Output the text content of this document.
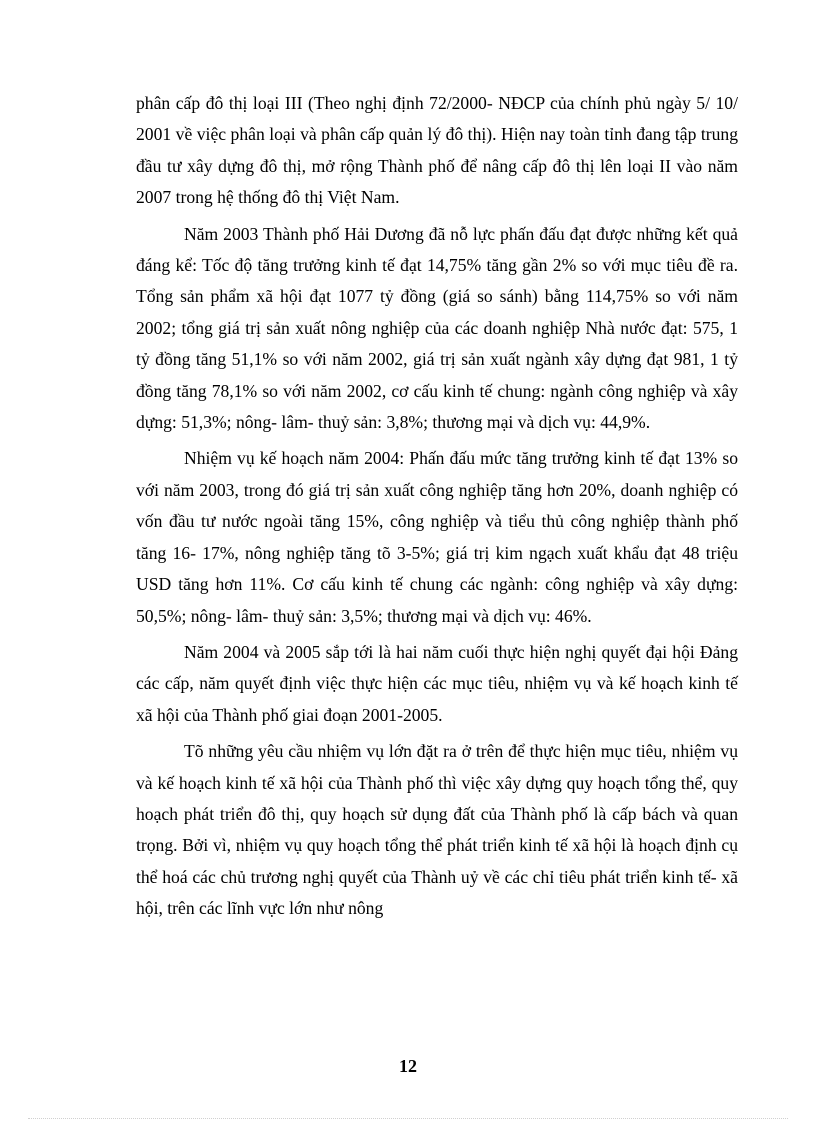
phân cấp đô thị loại III (Theo nghị định 72/2000- NĐCP của chính phủ ngày 5/ 10/ 2001 về việc phân loại và phân cấp quản lý đô thị). Hiện nay toàn tỉnh đang tập trung đầu tư xây dựng đô thị, mở rộng Thành phố để nâng cấp đô thị lên loại II vào năm 2007 trong hệ thống đô thị Việt Nam.

Năm 2003 Thành phố Hải Dương đã nỗ lực phấn đấu đạt được những kết quả đáng kể: Tốc độ tăng trưởng kinh tế đạt 14,75% tăng gần 2% so với mục tiêu đề ra. Tổng sản phẩm xã hội đạt 1077 tỷ đồng (giá so sánh) bằng 114,75% so với năm 2002; tổng giá trị sản xuất nông nghiệp của các doanh nghiệp Nhà nước đạt: 575, 1 tỷ đồng tăng 51,1% so với năm 2002, giá trị sản xuất ngành xây dựng đạt 981, 1 tỷ đồng tăng 78,1% so với năm 2002, cơ cấu kinh tế chung: ngành công nghiệp và xây dựng: 51,3%; nông- lâm- thuỷ sản: 3,8%; thương mại và dịch vụ: 44,9%.

Nhiệm vụ kế hoạch năm 2004: Phấn đấu mức tăng trưởng kinh tế đạt 13% so với năm 2003, trong đó giá trị sản xuất công nghiệp tăng hơn 20%, doanh nghiệp có vốn đầu tư nước ngoài tăng 15%, công nghiệp và tiểu thủ công nghiệp thành phố tăng 16- 17%, nông nghiệp tăng tõ 3-5%; giá trị kim ngạch xuất khẩu đạt 48 triệu USD tăng hơn 11%. Cơ cấu kinh tế chung các ngành: công nghiệp và xây dựng: 50,5%; nông- lâm- thuỷ sản: 3,5%; thương mại và dịch vụ: 46%.

Năm 2004 và 2005 sắp tới là hai năm cuối thực hiện nghị quyết đại hội Đảng các cấp, năm quyết định việc thực hiện các mục tiêu, nhiệm vụ và kế hoạch kinh tế xã hội của Thành phố giai đoạn 2001-2005.

Tõ những yêu cầu nhiệm vụ lớn đặt ra ở trên để thực hiện mục tiêu, nhiệm vụ và kế hoạch kinh tế xã hội của Thành phố thì việc xây dựng quy hoạch tổng thể, quy hoạch phát triển đô thị, quy hoạch sử dụng đất của Thành phố là cấp bách và quan trọng. Bởi vì, nhiệm vụ quy hoạch tổng thể phát triển kinh tế xã hội là hoạch định cụ thể hoá các chủ trương nghị quyết của Thành uỷ về các chỉ tiêu phát triển kinh tế- xã hội, trên các lĩnh vực lớn như nông

12
